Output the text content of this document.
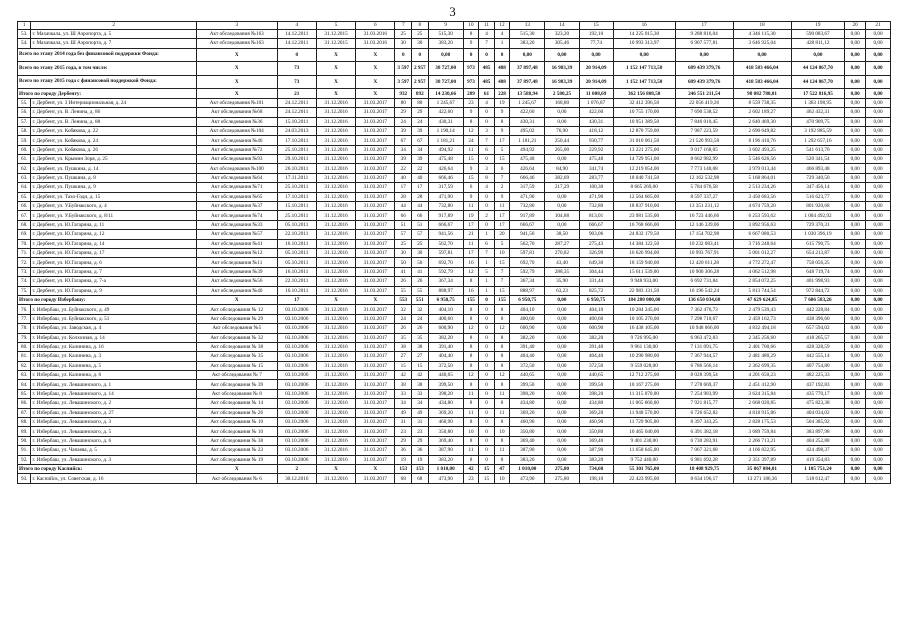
3
1	2	3	4	5	6	7	8	9	10	11	12	13	14	15	16	17	18	19	20	21
53.	г. Махачкала, ул. Ш Аэропорта, д. 5	Акт обследования №163	14.12.2011	31.12.2015	31.03.2016	25	25	515,30	8	4	4	515,30	323,20	192,10	14 225 015,30	9 288 816,04	4 346 115,30	590 083,67	0,00	0,00
54.	г. Махачкала, ул. Ш Аэропорта, д. 7	Акт обследования №163	14.12.2011	31.12.2015	31.03.2016	30	30	383,20	9	7	1	383,20	305,46	77,74	10 993 313,97	6 907 577,81	3 646 925,04	428 811,12	0,00	0,00
Всего по этапу 2014 года без финансовой поддержки Фонда:		X	0	X	X	0	0	0,00	0	0	0	0,00	0,00	0,00	0,00	0,00	0,00	0,00	0,00	0,00
Всего по этапу 2015 года, в том числе:		X	73	X	X	3 597	2 957	38 727,00	973	485	488	37 897,48	16 983,39	20 914,09	1 152 147 713,50	689 439 379,76	418 583 466,04	44 124 867,70	0,00	0,00
Всего по этапу 2015 года с финансовой поддержкой Фонда:		X	73	X	X	3 597	2 957	38 727,00	973	485	488	37 897,48	16 983,39	20 914,09	1 152 147 713,50	689 439 379,76	418 583 466,04	44 124 867,70	0,00	0,00
Итого по городу Дербенту:		X	21	X	X	932	892	14 230,66	289	61	228	13 588,94	2 580,25	11 008,69	362 156 808,50	246 551 211,54	98 082 780,01	17 522 816,95	0,00	0,00
55.	г. Дербент, ул. 3 Интернациональная, д. 24	Акт обследования №101	24.12.2011	31.12.2016	31.03.2017	80	80	1 245,67	23	4	19	1 245,67	168,80	1 076,87	32 412 396,50	22 056 419,26	8 559 738,35	1 363 198,95	0,00	0,00
56.	г. Дербент, ул. В. Ленина, д. 86	Акт обследования №68	24.12.2011	31.12.2016	31.03.2017	29	29	422,60	9	0	9	422,60	0,00	422,60	10 755 170,00	7 690 538,52	2 602 189,27	462 432,31	0,00	0,00
57.	г. Дербент, ул. В. Ленина, д. 88	Акт обследования №36	15.10.2011	31.12.2016	31.03.2017	24	24	430,31	8	0	8	430,31	0,00	430,31	10 951 389,50	7 846 010,45	2 640 469,30	470 909,75	0,00	0,00
58.	г. Дербент, ул. Кобякова, д. 22	Акт обследования №104	24.03.2013	31.12.2016	31.03.2017	39	39	1 190,14	12	3	9	495,02	76,90	418,12	12 870 759,00	7 987 223,59	2 690 649,82	3 192 885,59	0,00	0,00
59.	г. Дербент, ул. Кобякова, д. 24	Акт обследования №46	17.10.2011	31.12.2016	31.03.2017	67	67	1 181,21	24	7	17	1 181,21	250,44	930,77	31 010 061,50	21 520 993,58	8 196 410,76	1 292 657,16	0,00	0,00
60.	г. Дербент, ул. Кобякова, д. 26	Акт обследования №72	25.10.2011	31.12.2016	31.03.2017	34	34	494,92	11	6	5	494,92	265,00	229,92	13 221 275,00	9 017 168,05	3 602 493,25	541 613,70	0,00	0,00
61.	г. Дербент, ул. Крымин Зоря, д. 25	Акт обследования №93	29.10.2011	31.12.2016	31.03.2017	39	39	475,48	15	0	15	475,48	0,00	475,48	14 729 951,00	8 662 982,99	5 546 626,56	520 341,54	0,00	0,00
62.	г. Дербент, ул. Пушкина, д. 14	Акт обследования №100	26.10.2011	31.12.2016	31.03.2017	22	22	426,64	9	3	6	426,64	84,90	341,74	12 219 054,00	7 773 140,08	3 979 013,44	466 893,48	0,00	0,00
63.	г. Дербент, ул. Пушкина, д. 8	Акт обследования №64	17.11.2011	31.12.2016	31.03.2017	40	40	666,46	15	8	7	666,46	382,69	283,77	18 040 741,50	12 162 532,98	5 168 864,01	729 340,50	0,00	0,00
64.	г. Дербент, ул. Пушкина, д. 9	Акт обследования №71	25.10.2011	31.12.2016	31.03.2017	17	17	317,59	6	4	2	317,59	217,29	100,30	8 665 269,00	5 784 676,58	2 513 234,26	347 456,14	0,00	0,00
65.	г. Дербент, ул. Тахо-Годи, д. 15	Акт обследования №65	17.10.2011	31.12.2016	31.03.2017	28	28	471,90	9	0	9	471,90	0,00	471,90	12 564 665,00	8 597 337,27	3 450 683,56	516 623,77	0,00	0,00
66.	г. Дербент, ул. У.Буйнакского, д. 4	Акт обследования №37	15.10.2011	31.12.2016	31.03.2017	44	44	732,80	11	0	11	732,80	0,00	732,80	18 837 910,00	13 351 231,12	4 674 759,20	801 920,68	0,00	0,00
67.	г. Дербент, ул. У.Буйнакского, д. 8/11	Акт обследования №74	25.10.2011	31.12.2016	31.03.2017	66	66	917,89	19	2	17	917,89	104,88	813,01	23 981 535,00	16 723 446,66	6 253 593,62	1 004 492,92	0,00	0,00
68.	г. Дербент, ул. Ю.Гагарина, д. 11	Акт обследования №33	05.10.2011	31.12.2016	31.03.2017	51	51	666,67	17	0	17	666,67	0,00	666,67	16 768 666,00	12 146 339,06	3 892 956,63	729 370,31	0,00	0,00
69.	г. Дербент, ул. Ю.Гагарина, д. 12	Акт обследования №57	22.10.2011	31.12.2016	31.03.2017	57	57	941,56	21	1	20	941,56	38,50	903,06	24 832 179,50	17 154 702,98	6 667 080,53	1 030 396,19	0,00	0,00
70.	г. Дербент, ул. Ю.Гагарина, д. 14	Акт обследования №41	16.10.2011	31.12.2016	31.03.2017	25	25	562,70	11	6	5	562,70	287,27	275,43	14 384 122,50	10 232 083,41	3 716 248,64	615 790,75	0,00	0,00
71.	г. Дербент, ул. Ю.Гагарина, д. 17	Акт обследования №12	05.10.2011	31.12.2016	31.03.2017	30	30	597,81	17	7	10	597,81	270,82	326,99	16 626 994,00	10 993 767,91	5 001 012,27	654 213,87	0,00	0,00
72.	г. Дербент, ул. Ю.Гагарина, д. 6	Акт обследования №11	05.10.2011	31.12.2016	31.03.2017	50	50	692,70	16	1	15	692,70	43,40	649,30	18 159 940,00	12 420 611,28	4 772 272,47	758 056,25	0,00	0,00
73.	г. Дербент, ул. Ю.Гагарина, д. 7	Акт обследования №39	16.10.2011	31.12.2016	31.03.2017	41	41	592,79	12	5	7	592,79	288,35	304,44	15 611 539,00	10 900 306,28	4 062 512,98	648 719,74	0,00	0,00
74.	г. Дербент, ул. Ю.Гагарина, д. 7-а	Акт обследования №56	22.10.2011	31.12.2016	31.03.2017	26	26	367,34	8	1	7	367,34	35,90	331,44	9 948 933,00	6 692 731,84	2 854 072,25	401 998,93	0,00	0,00
75.	г. Дербент, ул. Ю.Гагарина, д. 9	Акт обследования №40	16.10.2011	31.12.2016	31.03.2017	55	55	888,97	16	1	15	888,97	63,23	825,72	22 983 131,50	16 196 542,24	5 813 744,54	972 844,72	0,00	0,00
Итого по городу Избербашу:		X	17	X	X	553	551	6 950,75	155	0	155	6 950,75	0,00	6 950,75	184 280 000,00	136 650 034,68	47 629 624,85	7 606 583,26	0,00	0,00
76.	г. Избербаш, ул. Буйнакского, д. 49	Акт обследования № 12	03.10.2006	31.12.2016	31.03.2017	32	32	404,10	8	0	8	404,10	0,00	404,10	10 284 245,00	7 362 476,73	2 479 539,43	442 228,84	0,00	0,00
77.	г. Избербаш, ул. Буйнакского, д. 51	Акт обследования № 29	03.10.2006	31.12.2016	31.03.2017	24	24	400,60	8	0	8	400,60	0,00	400,60	10 105 270,00	7 298 710,67	2 459 162,73	438 396,60	0,00	0,00
78.	г. Избербаш, ул. Заводская, д. 4	Акт обследования №5	03.10.2006	31.12.2016	31.03.2017	26	26	600,90	12	0	12	600,90	0,00	600,90	16 438 105,00	10 948 066,00	4 832 494,18	657 594,02	0,00	0,00
79.	г. Избербаш, ул. Колхозная, д. 14	Акт обследования № 32	03.10.2006	31.12.2016	31.03.2017	35	35	382,20	8	0	8	382,20	0,00	382,20	9 726 995,00	6 963 472,83	2 345 256,60	418 265,57	0,00	0,00
80.	г. Избербаш, ул. Калинина, д. 16	Акт обследования № 38	03.10.2006	31.12.2016	31.03.2017	38	38	391,40	8	0	8	391,40	0,00	391,40	9 961 130,00	7 131 091,75	2 401 700,66	428 328,59	0,00	0,00
81.	г. Избербаш, ул. Калинина, д. 3	Акт обследования № 35	03.10.2006	31.12.2016	31.03.2017	27	27	404,40	8	0	8	404,40	0,00	404,40	10 290 980,00	7 367 944,57	2 481 480,29	442 555,14	0,00	0,00
82.	г. Избербаш, ул. Калинина, д. 5	Акт обследования № 15	03.10.2006	31.12.2016	31.03.2017	15	15	372,50	8	0	8	372,50	0,00	372,50	9 559 028,00	6 786 566,14	2 362 699,35	407 754,80	0,00	0,00
83.	г. Избербаш, ул. Калинина, д. 6	Акт обследования № 7	03.10.2006	31.12.2016	31.03.2017	42	42	440,65	12	0	12	440,65	0,00	440,65	12 712 275,00	8 028 399,54	4 201 650,23	482 225,33	0,00	0,00
84.	г. Избербаш, ул. Левашинского, д. 1	Акт обследования № 39	03.10.2006	31.12.2016	31.03.2017	38	38	399,50	8	0	8	399,50	0,00	399,50	10 167 275,00	7 278 669,37	2 451 412,90	437 192,83	0,00	0,00
85.	г. Избербаш, ул. Левашинского, д. 14	Акт обследования № 8	03.10.2006	31.12.2016	31.03.2017	33	33	398,20	11	0	11	398,20	0,00	398,20	11 315 070,00	7 254 983,99	3 624 315,84	435 770,17	0,00	0,00
86.	г. Избербаш, ул. Левашинского, д. 2	Акт обследования № 14	03.10.2006	31.12.2016	31.03.2017	34	34	434,80	8	0	8	434,80	0,00	434,80	11 065 660,00	7 921 815,77	2 668 020,85	475 823,38	0,00	0,00
87.	г. Избербаш, ул. Левашинского, д. 27	Акт обследования № 26	03.10.2006	31.12.2016	31.03.2017	49	49	369,20	11	0	11	369,20	0,00	369,20	11 948 570,00	6 726 652,82	4 818 915,86	404 034,02	0,00	0,00
88.	г. Избербаш, ул. Левашинского, д. 3	Акт обследования № 10	03.10.2006	31.12.2016	31.03.2017	31	31	460,90	8	0	8	460,90	0,00	460,90	11 729 905,00	8 397 343,25	2 828 175,53	504 385,92	0,00	0,00
89.	г. Избербаш, ул. Левашинского, д. 5	Акт обследования № 10	03.10.2006	31.12.2016	31.03.2017	23	23	350,80	10	0	10	350,80	0,00	350,80	10 465 040,00	6 391 382,18	3 689 759,84	383 897,98	0,00	0,00
90.	г. Избербаш, ул. Левашинского, д. 6	Акт обследования № 38	03.10.2006	31.12.2016	31.03.2017	29	29	369,40	8	0	8	369,40	0,00	369,40	9 401 230,00	6 730 283,91	2 266 713,21	404 252,88	0,00	0,00
91.	г. Избербаш, ул. Чапаева, д. 5	Акт обследования № 23	03.10.2006	31.12.2016	31.03.2017	36	36	387,90	11	0	11	387,90	0,00	387,90	11 658 645,00	7 067 321,68	4 166 822,95	424 498,37	0,00	0,00
92.	г. Избербаш, ул. Левашинского, д. 3	Акт обследования № 19	03.10.2006	31.12.2016	31.03.2017	19	19	383,20	8	0	8	383,20	0,00	383,20	9 752 440,00	6 981 692,28	2 351 397,89	419 354,83	0,00	0,00
Итого по городу Каспийск:		X	2	X	X	153	153	1 010,00	42	15	47	1 010,00	275,80	734,60	55 301 765,00	18 408 929,75	35 867 084,01	1 105 751,24	0,00	0,00
93.	г. Каспийск, ул. Советская, д. 16	Акт обследования № 6	30.12.2016	31.12.2016	31.03.2017	68	68	473,90	23	15	10	473,90	275,80	198,10	22 423 995,00	8 634 196,17	13 271 186,36	518 612,47	0,00	0,00
